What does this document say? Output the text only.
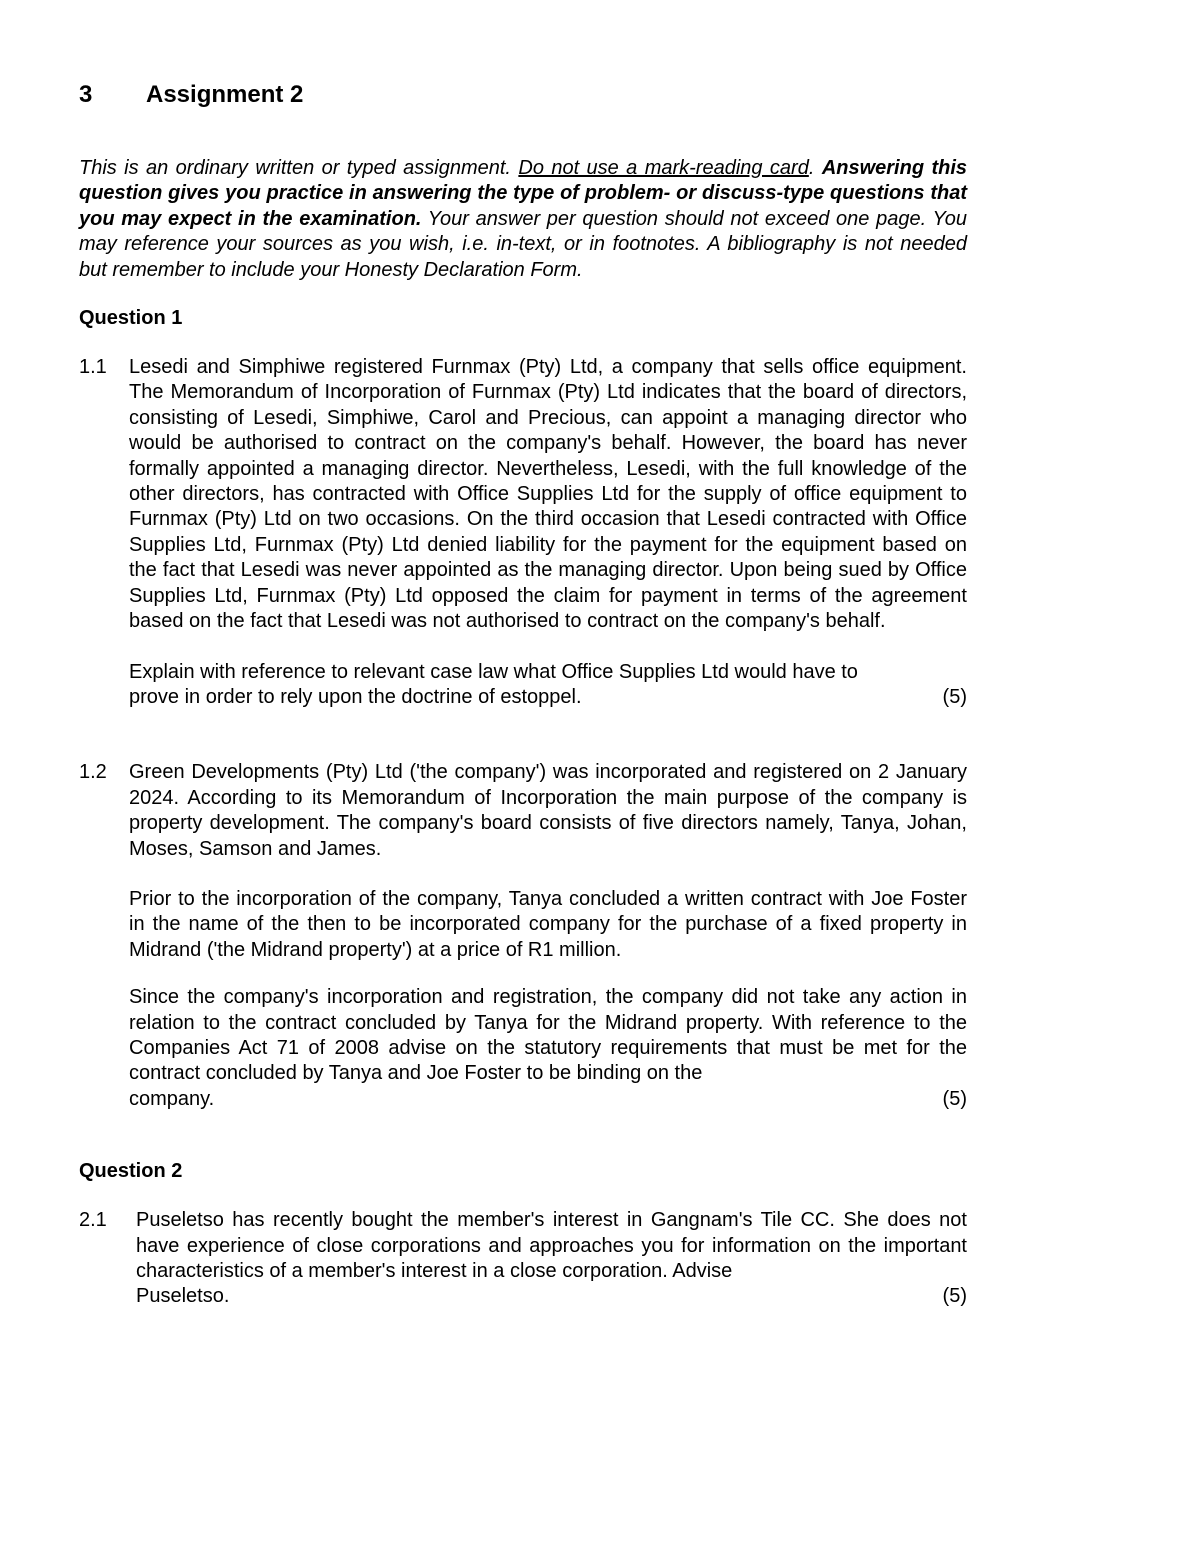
3 Assignment 2

This is an ordinary written or typed assignment. Do not use a mark-reading card. Answering this question gives you practice in answering the type of problem- or discuss-type questions that you may expect in the examination. Your answer per question should not exceed one page. You may reference your sources as you wish, i.e. in-text, or in footnotes. A bibliography is not needed but remember to include your Honesty Declaration Form.

Question 1
1.1	Lesedi and Simphiwe registered Furnmax (Pty) Ltd, a company that sells office equipment. The Memorandum of Incorporation of Furnmax (Pty) Ltd indicates that the board of directors, consisting of Lesedi, Simphiwe, Carol and Precious, can appoint a managing director who would be authorised to contract on the company's behalf. However, the board has never formally appointed a managing director. Nevertheless, Lesedi, with the full knowledge of the other directors, has contracted with Office Supplies Ltd for the supply of office equipment to Furnmax (Pty) Ltd on two occasions. On the third occasion that Lesedi contracted with Office Supplies Ltd, Furnmax (Pty) Ltd denied liability for the payment for the equipment based on the fact that Lesedi was never appointed as the managing director. Upon being sued by Office Supplies Ltd, Furnmax (Pty) Ltd opposed the claim for payment in terms of the agreement based on the fact that Lesedi was not authorised to contract on the company's behalf.

Explain with reference to relevant case law what Office Supplies Ltd would have to
prove in order to rely upon the doctrine of estoppel.	(5)
1.2	Green Developments (Pty) Ltd ('the company') was incorporated and registered on 2 January 2024. According to its Memorandum of Incorporation the main purpose of the company is property development. The company's board consists of five directors namely, Tanya, Johan, Moses, Samson and James.

Prior to the incorporation of the company, Tanya concluded a written contract with Joe Foster in the name of the then to be incorporated company for the purchase of a fixed property in Midrand ('the Midrand property') at a price of R1 million.

Since the company's incorporation and registration, the company did not take any action in relation to the contract concluded by Tanya for the Midrand property. With reference to the Companies Act 71 of 2008 advise on the statutory requirements that must be met for the contract concluded by Tanya and Joe Foster to be binding on the

company.	(5)
Question 2
2.1	Puseletso has recently bought the member's interest in Gangnam's Tile CC. She does not have experience of close corporations and approaches you for information on the important characteristics of a member's interest in a close corporation. Advise

Puseletso.	(5)
